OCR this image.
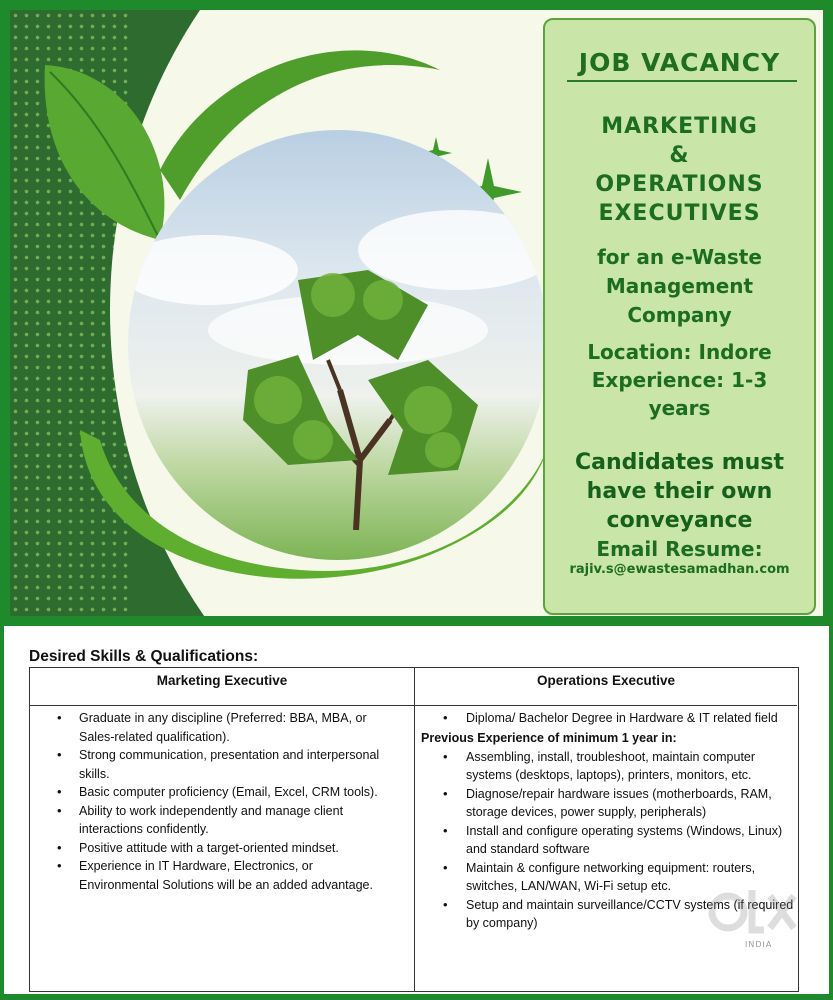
JOB VACANCY
MARKETING
&
OPERATIONS
EXECUTIVES
for an e-Waste
Management
Company
Location: Indore
Experience: 1-3
years
Candidates must
have their own
conveyance
Email Resume:
rajiv.s@ewastesamadhan.com
Desired Skills & Qualifications:
Marketing Executive
• Graduate in any discipline (Preferred: BBA, MBA, or Sales-related qualification).
• Strong communication, presentation and interpersonal skills.
• Basic computer proficiency (Email, Excel, CRM tools).
• Ability to work independently and manage client interactions confidently.
• Positive attitude with a target-oriented mindset.
• Experience in IT Hardware, Electronics, or Environmental Solutions will be an added advantage.
Operations Executive
• Diploma/ Bachelor Degree in Hardware & IT related field
Previous Experience of minimum 1 year in:
• Assembling, install, troubleshoot, maintain computer systems (desktops, laptops), printers, monitors, etc.
• Diagnose/repair hardware issues (motherboards, RAM, storage devices, power supply, peripherals)
• Install and configure operating systems (Windows, Linux) and standard software
• Maintain & configure networking equipment: routers, switches, LAN/WAN, Wi-Fi setup etc.
• Setup and maintain surveillance/CCTV systems (if required by company)
INDIA
